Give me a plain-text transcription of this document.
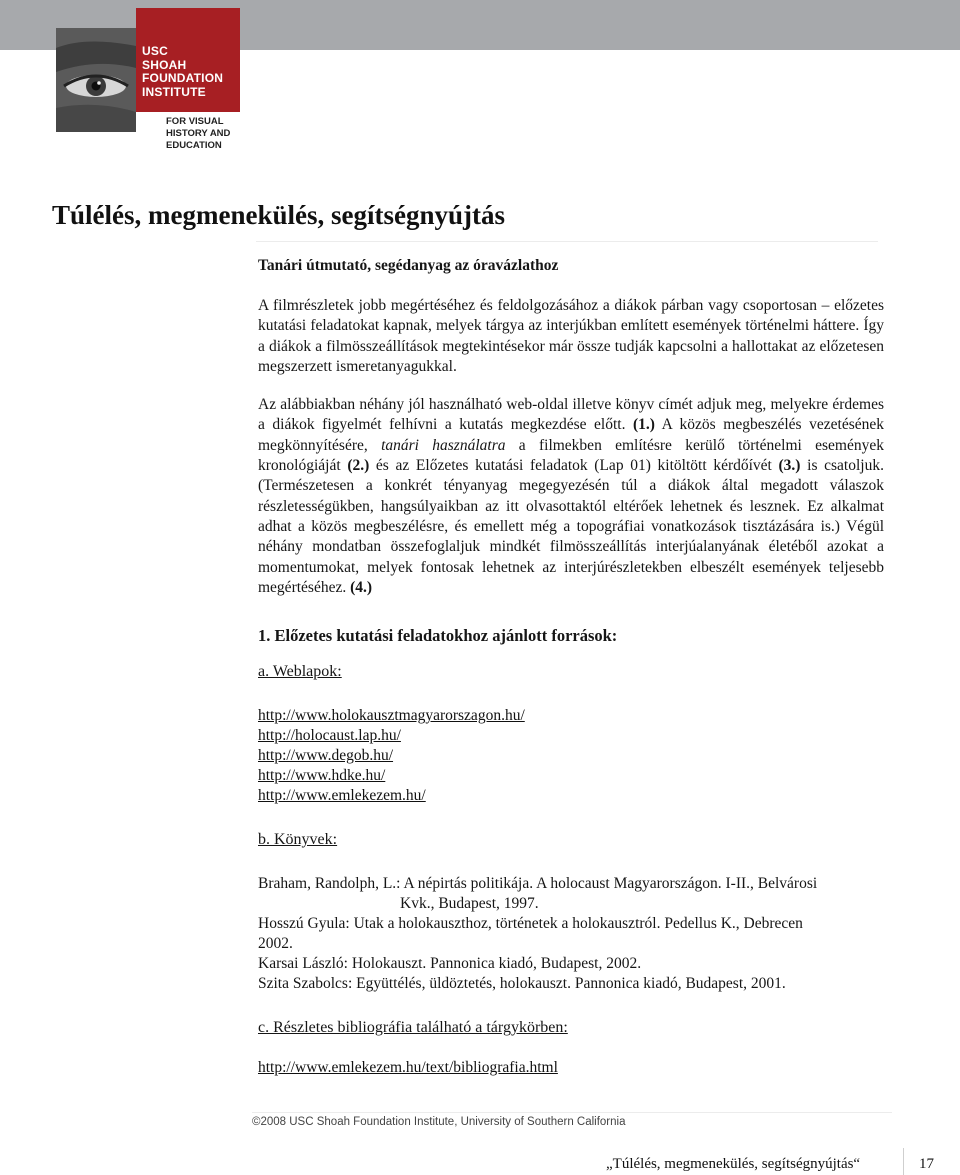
USC
SHOAH
FOUNDATION
INSTITUTE
FOR VISUAL
HISTORY AND
EDUCATION
Túlélés, megmenekülés, segítségnyújtás

Tanári útmutató, segédanyag az óravázlathoz

A filmrészletek jobb megértéséhez és feldolgozásához a diákok párban vagy csoportosan – előzetes kutatási feladatokat kapnak, melyek tárgya az interjúkban említett események történelmi háttere. Így a diákok a filmösszeállítások megtekintésekor már össze tudják kapcsolni a hallottakat az előzetesen megszerzett ismeretanyagukkal.

Az alábbiakban néhány jól használható web-oldal illetve könyv címét adjuk meg, melyekre érdemes a diákok figyelmét felhívni a kutatás megkezdése előtt. (1.) A közös megbeszélés vezetésének megkönnyítésére, tanári használatra a filmekben említésre kerülő történelmi események kronológiáját (2.) és az Előzetes kutatási feladatok (Lap 01) kitöltött kérdőívét (3.) is csatoljuk. (Természetesen a konkrét tényanyag megegyezésén túl a diákok által megadott válaszok részletességükben, hangsúlyaikban az itt olvasottaktól eltérőek lehetnek és lesznek. Ez alkalmat adhat a közös megbeszélésre, és emellett még a topográfiai vonatkozások tisztázására is.) Végül néhány mondatban összefoglaljuk mindkét filmösszeállítás interjúalanyának életéből azokat a momentumokat, melyek fontosak lehetnek az interjúrészletekben elbeszélt események teljesebb megértéséhez. (4.)

1. Előzetes kutatási feladatokhoz ajánlott források:
a. Weblapok:
http://www.holokausztmagyarorszagon.hu/
http://holocaust.lap.hu/
http://www.degob.hu/
http://www.hdke.hu/
http://www.emlekezem.hu/
b. Könyvek:

Braham, Randolph, L.: A népirtás politikája. A holocaust Magyarországon. I-II., Belvárosi
Kvk., Budapest, 1997.

Hosszú Gyula: Utak a holokauszthoz, történetek a holokausztról. Pedellus K., Debrecen
2002.

Karsai László: Holokauszt. Pannonica kiadó, Budapest, 2002.

Szita Szabolcs: Együttélés, üldöztetés, holokauszt. Pannonica kiadó, Budapest, 2001.

c. Részletes bibliográfia található a tárgykörben:
http://www.emlekezem.hu/text/bibliografia.html
©2008 USC Shoah Foundation Institute, University of Southern California
„Túlélés, megmenekülés, segítségnyújtás“	17
